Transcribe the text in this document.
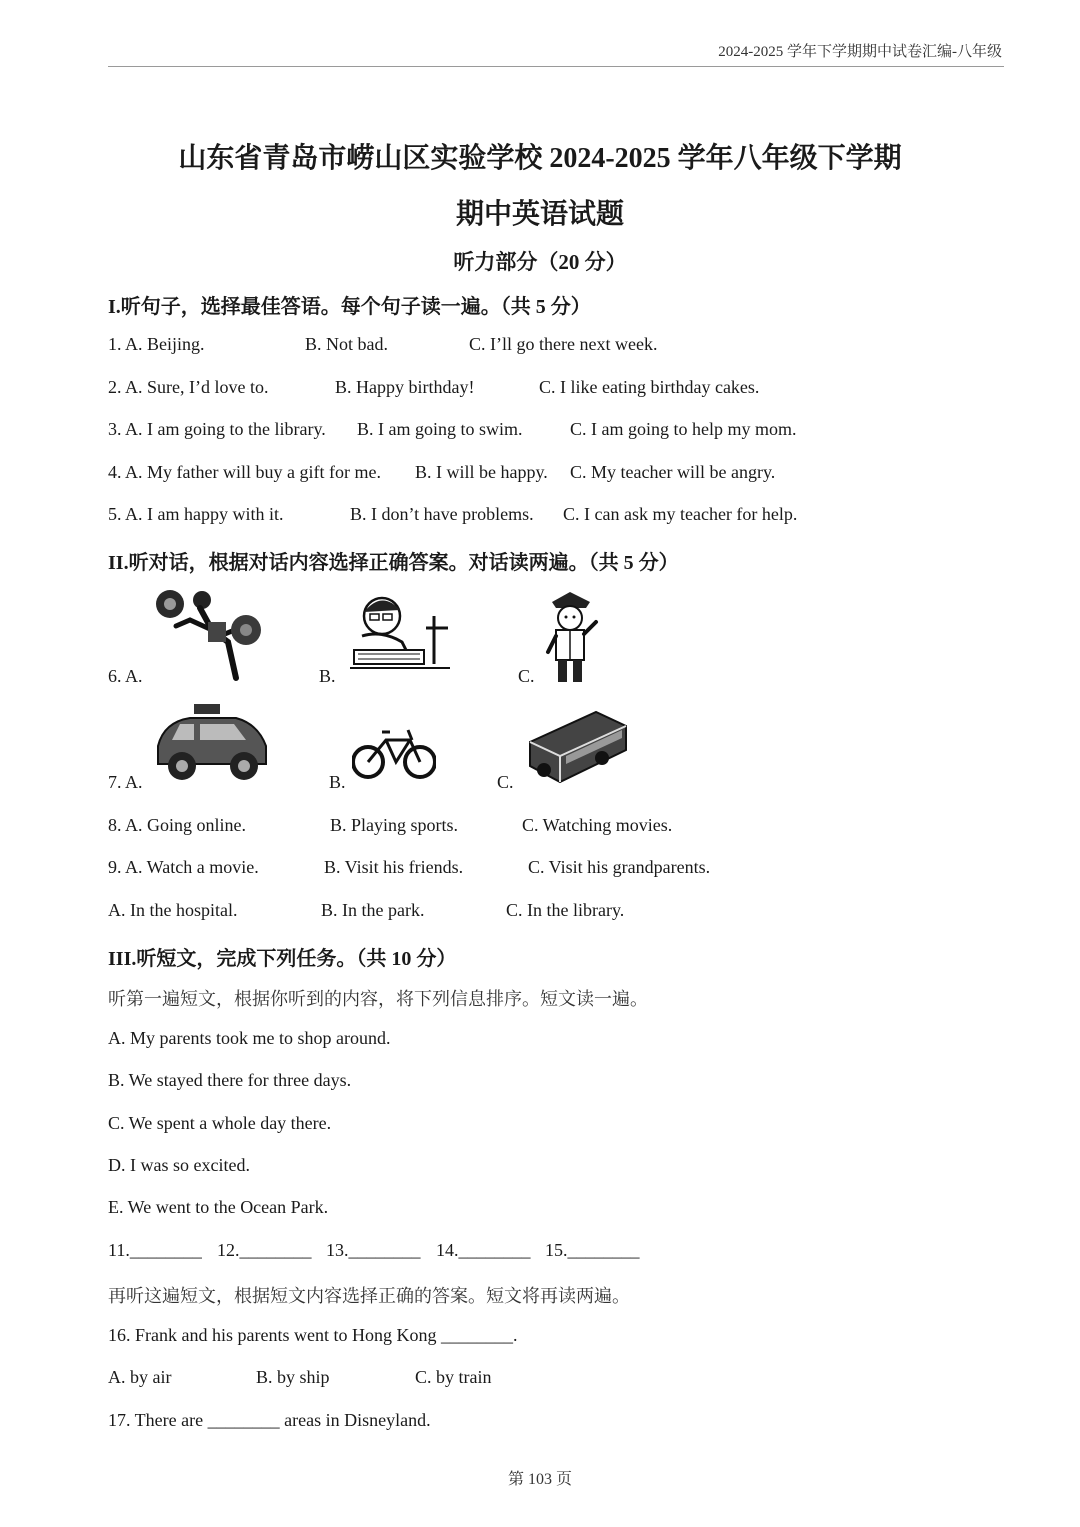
2024-2025 学年下学期期中试卷汇编-八年级
山东省青岛市崂山区实验学校 2024-2025 学年八年级下学期
期中英语试题
听力部分（20 分）
I.听句子，选择最佳答语。每个句子读一遍。（共 5 分）
1. A. Beijing.	B. Not bad.	C. I’ll go there next week.
2. A. Sure, I’d love to.	B. Happy birthday!	C. I like eating birthday cakes.
3. A. I am going to the library. B. I am going to swim.	C. I am going to help my mom.
4. A. My father will buy a gift for me. B. I will be happy. C. My teacher will be angry.
5. A. I am happy with it.	B. I don’t have problems. C. I can ask my teacher for help.
II.听对话，根据对话内容选择正确答案。对话读两遍。（共 5 分）
6. A.	B.	C.
7. A.	B.	C.
8. A. Going online.	B. Playing sports.	C. Watching movies.
9. A. Watch a movie.	B. Visit his friends.	C. Visit his grandparents.
A. In the hospital.	B. In the park.	C. In the library.
III.听短文，完成下列任务。（共 10 分）
听第一遍短文，根据你听到的内容，将下列信息排序。短文读一遍。
A. My parents took me to shop around.
B. We stayed there for three days.
C. We spent a whole day there.
D. I was so excited.
E. We went to the Ocean Park.
11.________ 12.________ 13.________ 14.________ 15.________
再听这遍短文，根据短文内容选择正确的答案。短文将再读两遍。
16. Frank and his parents went to Hong Kong ________.
A. by air	B. by ship	C. by train
17. There are ________ areas in Disneyland.
第 103 页
